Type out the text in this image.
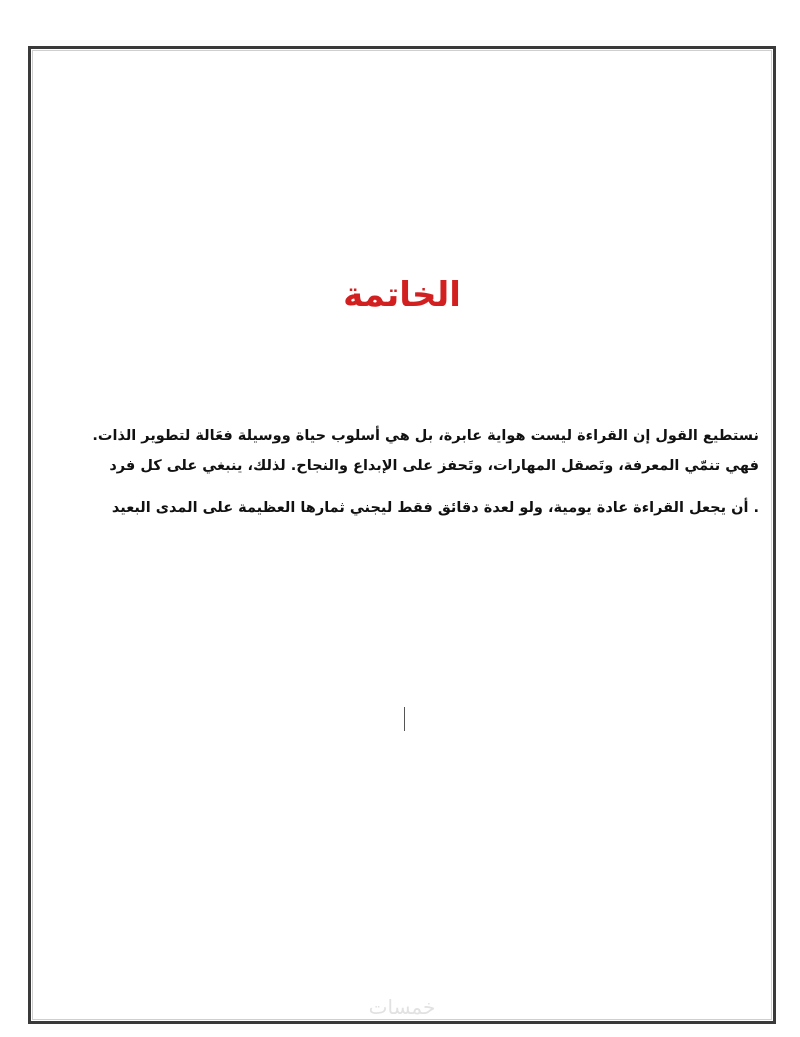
الخاتمة
نستطيع القول إن القراءة ليست هواية عابرة، بل هي أسلوب حياة ووسيلة فعَالة لتطوير الذات.
فهي تنمّي المعرفة، وتَصقل المهارات، وتَحفز على الإبداع والنجاح. لذلك، ينبغي على كل فرد
. أن يجعل القراءة عادة يومية، ولو لعدة دقائق فقط ليجني ثمارها العظيمة على المدى البعيد
خمسات
